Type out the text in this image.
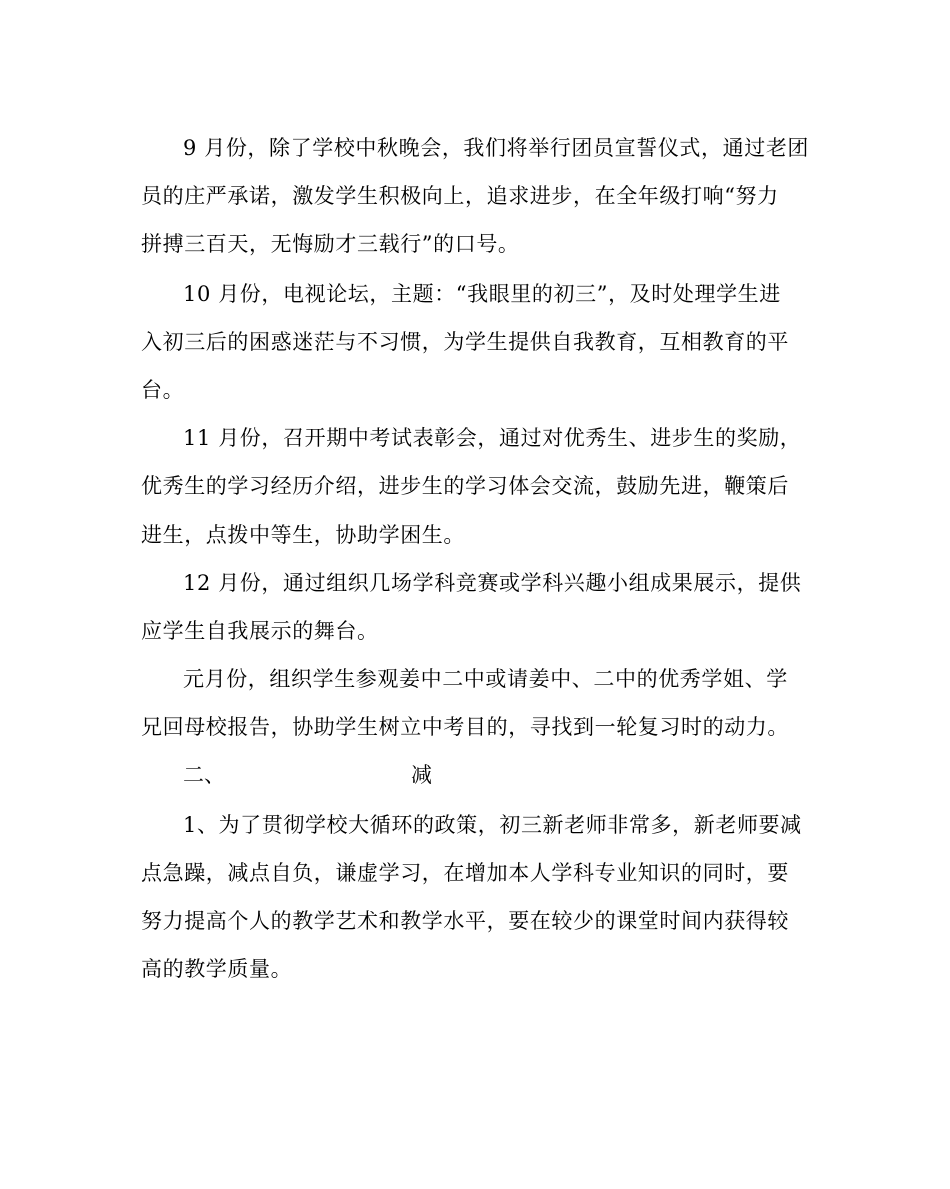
9 月份，除了学校中秋晚会，我们将举行团员宣誓仪式，通过老团
员的庄严承诺，激发学生积极向上，追求进步，在全年级打响“努力
拼搏三百天，无悔励才三载行”的口号。
10 月份，电视论坛，主题：“我眼里的初三”，及时处理学生进
入初三后的困惑迷茫与不习惯，为学生提供自我教育，互相教育的平
台。
11 月份，召开期中考试表彰会，通过对优秀生、进步生的奖励，
优秀生的学习经历介绍，进步生的学习体会交流，鼓励先进，鞭策后
进生，点拨中等生，协助学困生。
12 月份，通过组织几场学科竞赛或学科兴趣小组成果展示，提供
应学生自我展示的舞台。
元月份，组织学生参观姜中二中或请姜中、二中的优秀学姐、学
兄回母校报告，协助学生树立中考目的，寻找到一轮复习时的动力。
二、	减
1、为了贯彻学校大循环的政策，初三新老师非常多，新老师要减
点急躁，减点自负，谦虚学习，在增加本人学科专业知识的同时，要
努力提高个人的教学艺术和教学水平，要在较少的课堂时间内获得较
高的教学质量。
